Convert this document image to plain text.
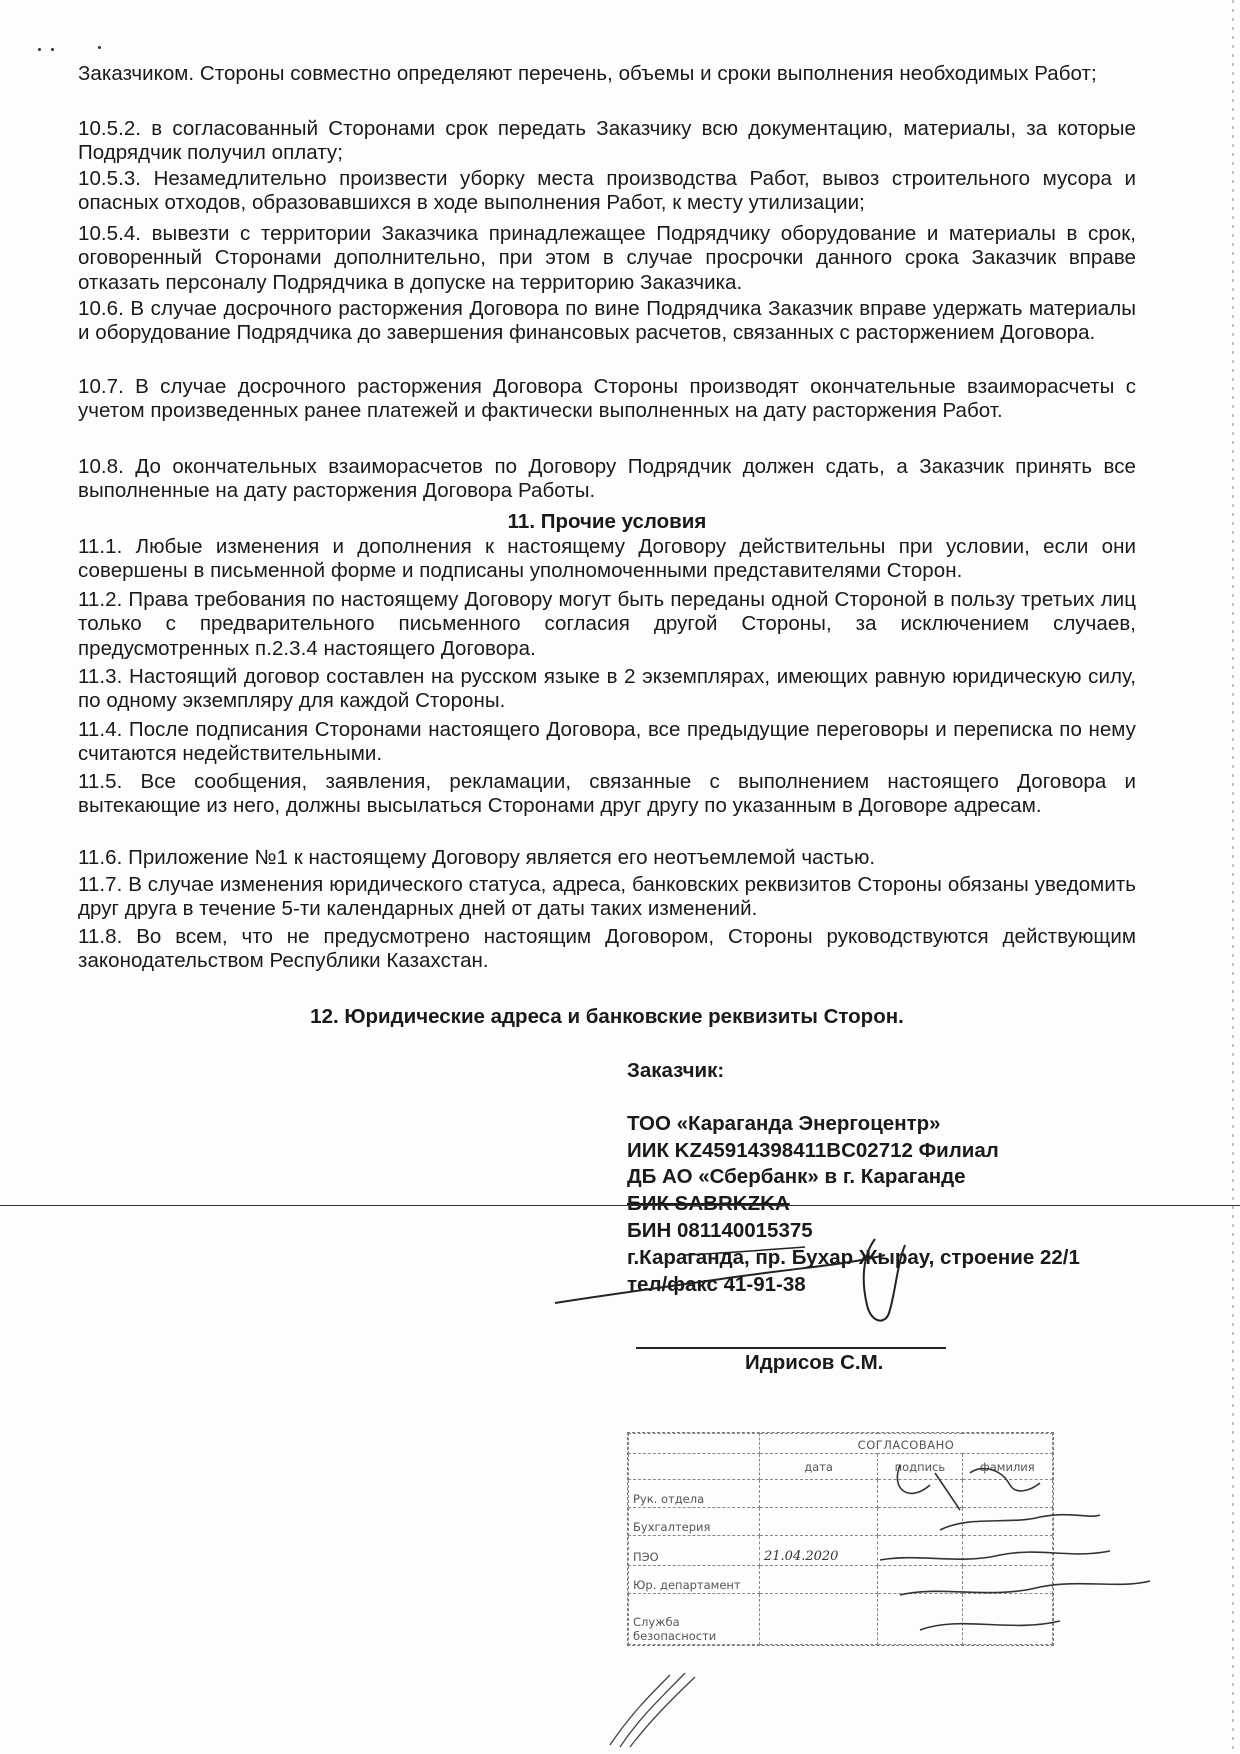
Заказчиком. Стороны совместно определяют перечень, объемы и сроки выполнения необходимых Работ;
10.5.2. в согласованный Сторонами срок передать Заказчику всю документацию, материалы, за которые Подрядчик получил оплату;
10.5.3. Незамедлительно произвести уборку места производства Работ, вывоз строительного мусора и опасных отходов, образовавшихся в ходе выполнения Работ, к месту утилизации;
10.5.4. вывезти с территории Заказчика принадлежащее Подрядчику оборудование и материалы в срок, оговоренный Сторонами дополнительно, при этом в случае просрочки данного срока Заказчик вправе отказать персоналу Подрядчика в допуске на территорию Заказчика.
10.6. В случае досрочного расторжения Договора по вине Подрядчика Заказчик вправе удержать материалы и оборудование Подрядчика до завершения финансовых расчетов, связанных с расторжением Договора.
10.7. В случае досрочного расторжения Договора Стороны производят окончательные взаиморасчеты с учетом произведенных ранее платежей и фактически выполненных на дату расторжения Работ.
10.8. До окончательных взаиморасчетов по Договору Подрядчик должен сдать, а Заказчик принять все выполненные на дату расторжения Договора Работы.
11. Прочие условия
11.1. Любые изменения и дополнения к настоящему Договору действительны при условии, если они совершены в письменной форме и подписаны уполномоченными представителями Сторон.
11.2. Права требования по настоящему Договору могут быть переданы одной Стороной в пользу третьих лиц только с предварительного письменного согласия другой Стороны, за исключением случаев, предусмотренных п.2.3.4 настоящего Договора.
11.3. Настоящий договор составлен на русском языке в 2 экземплярах, имеющих равную юридическую силу, по одному экземпляру для каждой Стороны.
11.4. После подписания Сторонами настоящего Договора, все предыдущие переговоры и переписка по нему считаются недействительными.
11.5. Все сообщения, заявления, рекламации, связанные с выполнением настоящего Договора и вытекающие из него, должны высылаться Сторонами друг другу по указанным в Договоре адресам.
11.6. Приложение №1 к настоящему Договору является его неотъемлемой частью.
11.7. В случае изменения юридического статуса, адреса, банковских реквизитов Стороны обязаны уведомить друг друга в течение 5-ти календарных дней от даты таких изменений.
11.8. Во всем, что не предусмотрено настоящим Договором, Стороны руководствуются действующим законодательством Республики Казахстан.
12. Юридические адреса и банковские реквизиты Сторон.
Заказчик:
ТОО «Караганда Энергоцентр»
ИИК KZ45914398411BC02712 Филиал
ДБ АО «Сбербанк» в г. Караганде
БИК SABRKZKA
БИН 081140015375
г.Караганда, пр. Бухар Жырау, строение 22/1
тел/факс 41-91-38
Идрисов С.М.
	СОГЛАСОВАНО		
	дата	подпись	фамилия
Рук. отдела			
Бухгалтерия			
ПЭО	21.04.2020		
Юр. департамент			
Служба безопасности			
